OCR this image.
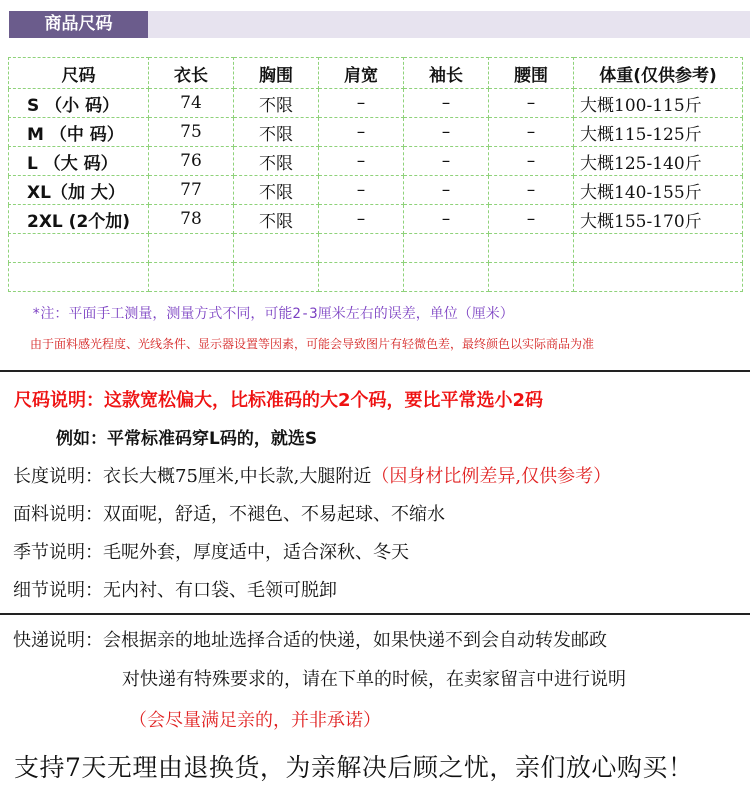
商品尺码
尺码	衣长	胸围	肩宽	袖长	腰围	体重(仅供参考)
S （小 码）	74	不限	–	–	–	大概100-115斤
M （中 码）	75	不限	–	–	–	大概115-125斤
L （大 码）	76	不限	–	–	–	大概125-140斤
XL（加 大）	77	不限	–	–	–	大概140-155斤
2XL (2个加)	78	不限	–	–	–	大概155-170斤

*注：平面手工测量，测量方式不同，可能2-3厘米左右的误差，单位（厘米）
由于面料感光程度、光线条件、显示器设置等因素，可能会导致图片有轻微色差，最终颜色以实际商品为准
尺码说明：这款宽松偏大，比标准码的大2个码，要比平常选小2码
例如：平常标准码穿L码的，就选S
长度说明：衣长大概75厘米,中长款,大腿附近（因身材比例差异,仅供参考）
面料说明：双面呢，舒适，不褪色、不易起球、不缩水
季节说明：毛呢外套，厚度适中，适合深秋、冬天
细节说明：无内衬、有口袋、毛领可脱卸
快递说明：会根据亲的地址选择合适的快递，如果快递不到会自动转发邮政
对快递有特殊要求的，请在下单的时候，在卖家留言中进行说明
（会尽量满足亲的，并非承诺）
支持7天无理由退换货，为亲解决后顾之忧，亲们放心购买！
